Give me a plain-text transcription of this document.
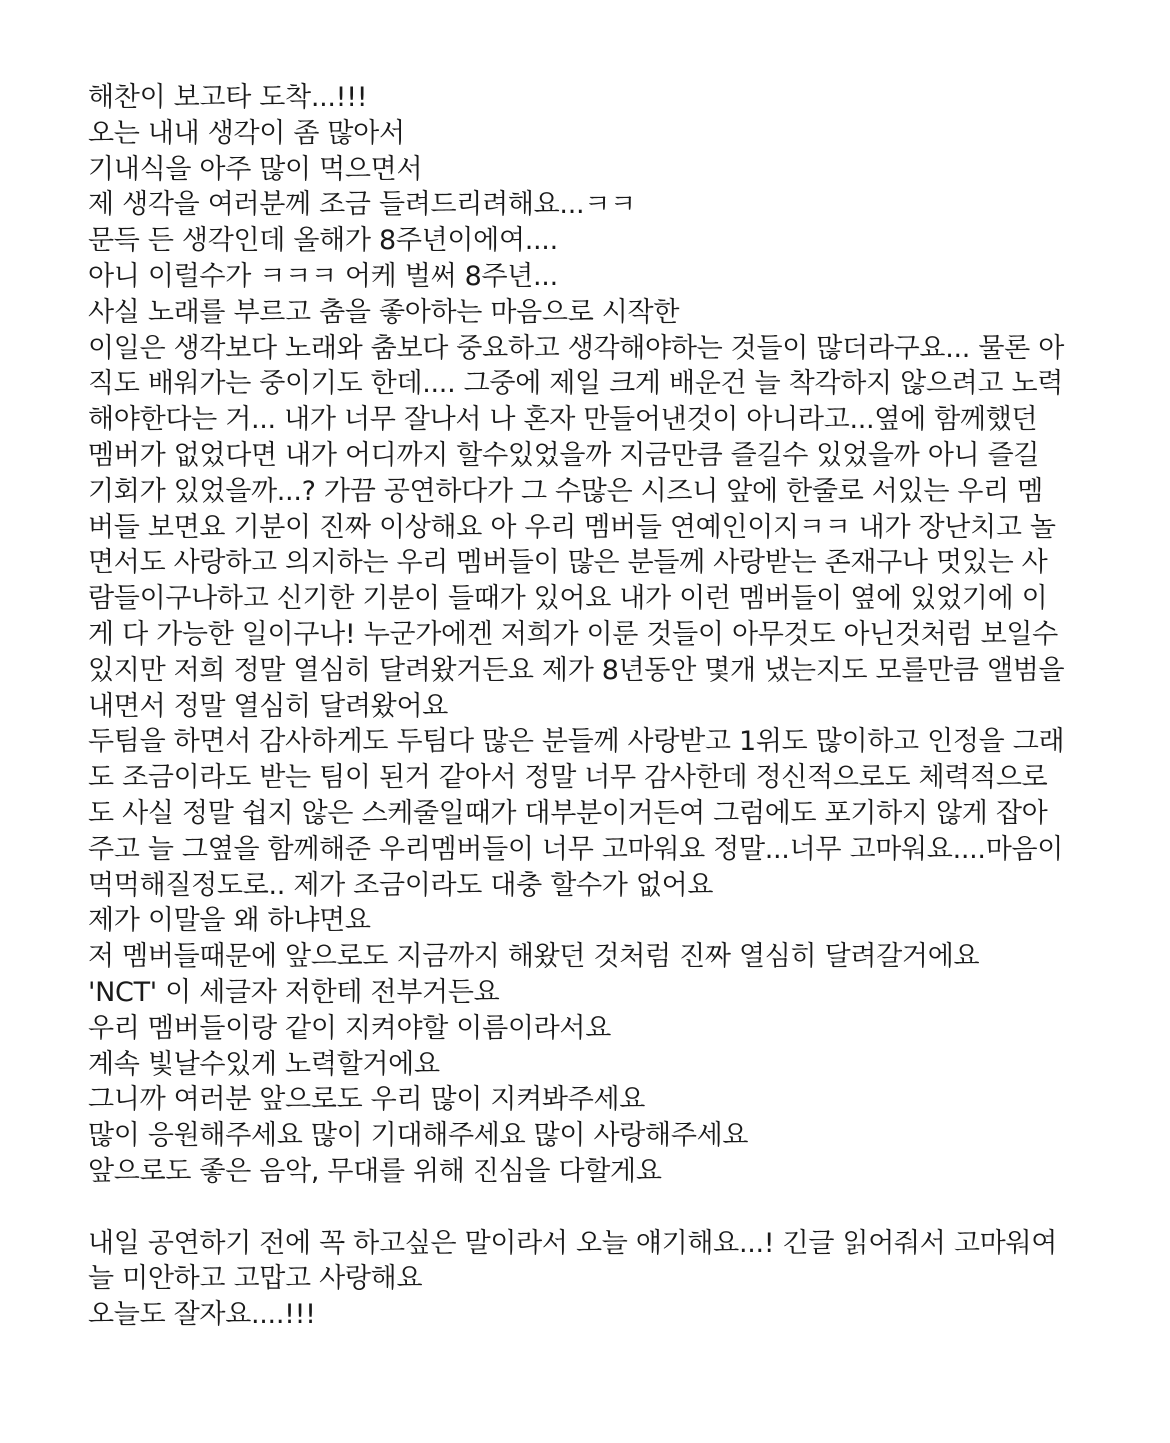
해찬이 보고타 도착...!!!
오는 내내 생각이 좀 많아서
기내식을 아주 많이 먹으면서
제 생각을 여러분께 조금 들려드리려해요...ㅋㅋ
문득 든 생각인데 올해가 8주년이에여....
아니 이럴수가 ㅋㅋㅋ 어케 벌써 8주년...
사실 노래를 부르고 춤을 좋아하는 마음으로 시작한
이일은 생각보다 노래와 춤보다 중요하고 생각해야하는 것들이 많더라구요... 물론 아
직도 배워가는 중이기도 한데.... 그중에 제일 크게 배운건 늘 착각하지 않으려고 노력
해야한다는 거... 내가 너무 잘나서 나 혼자 만들어낸것이 아니라고...옆에 함께했던
멤버가 없었다면 내가 어디까지 할수있었을까 지금만큼 즐길수 있었을까 아니 즐길
기회가 있었을까...? 가끔 공연하다가 그 수많은 시즈니 앞에 한줄로 서있는 우리 멤
버들 보면요 기분이 진짜 이상해요 아 우리 멤버들 연예인이지ㅋㅋ 내가 장난치고 놀
면서도 사랑하고 의지하는 우리 멤버들이 많은 분들께 사랑받는 존재구나 멋있는 사
람들이구나하고 신기한 기분이 들때가 있어요 내가 이런 멤버들이 옆에 있었기에 이
게 다 가능한 일이구나! 누군가에겐 저희가 이룬 것들이 아무것도 아닌것처럼 보일수
있지만 저희 정말 열심히 달려왔거든요 제가 8년동안 몇개 냈는지도 모를만큼 앨범을
내면서 정말 열심히 달려왔어요
두팀을 하면서 감사하게도 두팀다 많은 분들께 사랑받고 1위도 많이하고 인정을 그래
도 조금이라도 받는 팀이 된거 같아서 정말 너무 감사한데 정신적으로도 체력적으로
도 사실 정말 쉽지 않은 스케줄일때가 대부분이거든여 그럼에도 포기하지 않게 잡아
주고 늘 그옆을 함께해준 우리멤버들이 너무 고마워요 정말...너무 고마워요....마음이
먹먹해질정도로.. 제가 조금이라도 대충 할수가 없어요
제가 이말을 왜 하냐면요
저 멤버들때문에 앞으로도 지금까지 해왔던 것처럼 진짜 열심히 달려갈거에요
'NCT' 이 세글자 저한테 전부거든요
우리 멤버들이랑 같이 지켜야할 이름이라서요
계속 빛날수있게 노력할거에요
그니까 여러분 앞으로도 우리 많이 지켜봐주세요
많이 응원해주세요 많이 기대해주세요 많이 사랑해주세요
앞으로도 좋은 음악, 무대를 위해 진심을 다할게요
내일 공연하기 전에 꼭 하고싶은 말이라서 오늘 얘기해요...! 긴글 읽어줘서 고마워여
늘 미안하고 고맙고 사랑해요
오늘도 잘자요....!!!
